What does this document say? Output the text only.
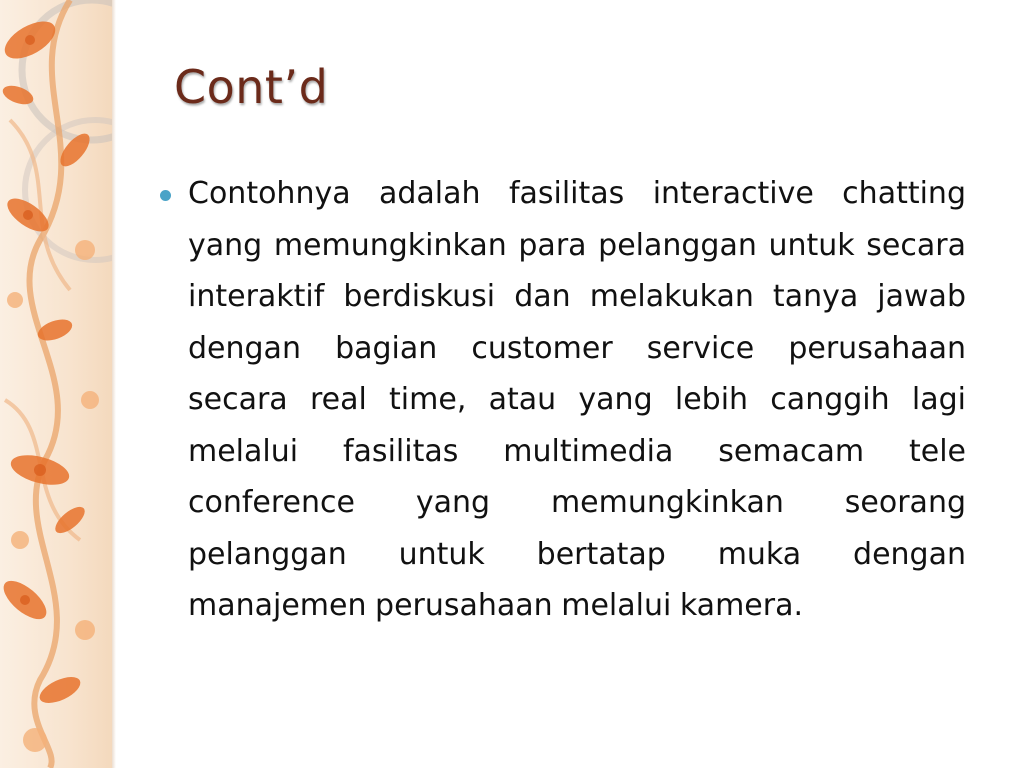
Cont’d

Contohnya adalah fasilitas interactive chatting yang memungkinkan para pelanggan untuk secara interaktif berdiskusi dan melakukan tanya jawab dengan bagian customer service perusahaan secara real time, atau yang lebih canggih lagi melalui fasilitas multimedia semacam tele conference yang memungkinkan seorang pelanggan untuk bertatap muka dengan manajemen perusahaan melalui kamera.
